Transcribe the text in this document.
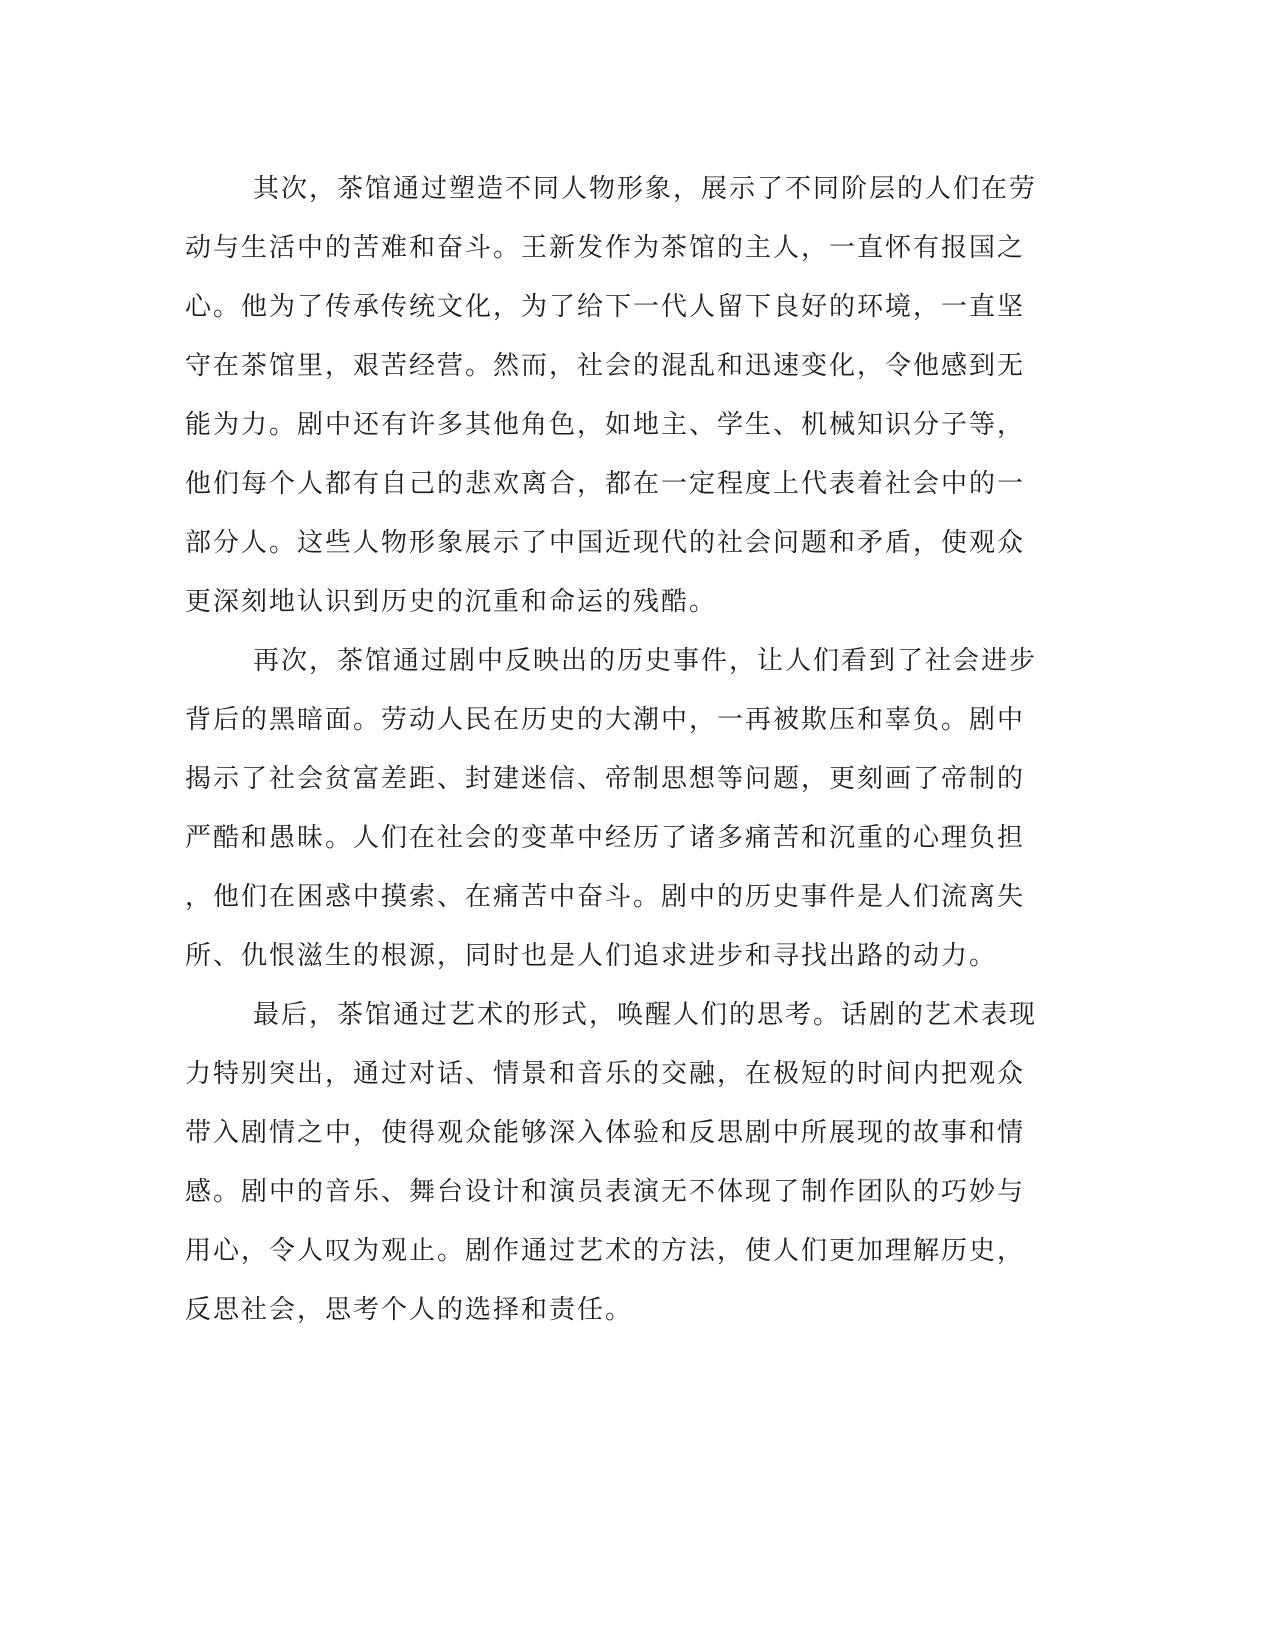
其次，茶馆通过塑造不同人物形象，展示了不同阶层的人们在劳
动与生活中的苦难和奋斗。王新发作为茶馆的主人，一直怀有报国之
心。他为了传承传统文化，为了给下一代人留下良好的环境，一直坚
守在茶馆里，艰苦经营。然而，社会的混乱和迅速变化，令他感到无
能为力。剧中还有许多其他角色，如地主、学生、机械知识分子等，
他们每个人都有自己的悲欢离合，都在一定程度上代表着社会中的一
部分人。这些人物形象展示了中国近现代的社会问题和矛盾，使观众
更深刻地认识到历史的沉重和命运的残酷。
再次，茶馆通过剧中反映出的历史事件，让人们看到了社会进步
背后的黑暗面。劳动人民在历史的大潮中，一再被欺压和辜负。剧中
揭示了社会贫富差距、封建迷信、帝制思想等问题，更刻画了帝制的
严酷和愚昧。人们在社会的变革中经历了诸多痛苦和沉重的心理负担
，他们在困惑中摸索、在痛苦中奋斗。剧中的历史事件是人们流离失
所、仇恨滋生的根源，同时也是人们追求进步和寻找出路的动力。
最后，茶馆通过艺术的形式，唤醒人们的思考。话剧的艺术表现
力特别突出，通过对话、情景和音乐的交融，在极短的时间内把观众
带入剧情之中，使得观众能够深入体验和反思剧中所展现的故事和情
感。剧中的音乐、舞台设计和演员表演无不体现了制作团队的巧妙与
用心，令人叹为观止。剧作通过艺术的方法，使人们更加理解历史，
反思社会，思考个人的选择和责任。
